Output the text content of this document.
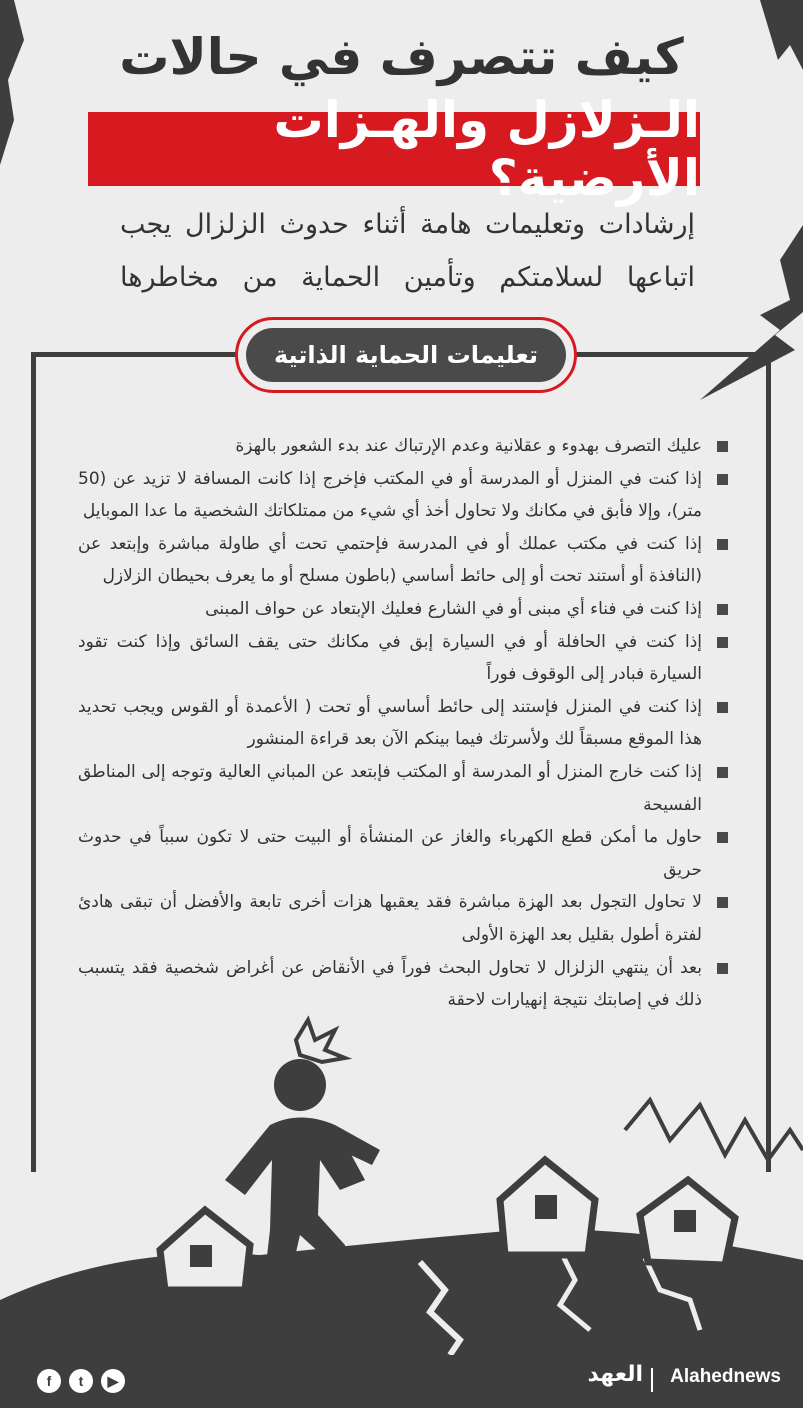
كيف تتصرف في حالات
الـزلازل والهـزات الأرضية؟
إرشادات وتعليمات هامة أثناء حدوث الزلزال يجب اتباعها لسلامتكم وتأمين الحماية من مخاطرها
تعليمات الحماية الذاتية
عليك التصرف بهدوء و عقلانية وعدم الإرتباك عند بدء الشعور بالهزة
إذا كنت في المنزل أو المدرسة أو في المكتب فإخرج إذا كانت المسافة لا تزيد عن (50 متر)، وإلا فأبق في مكانك ولا تحاول أخذ أي شيء من ممتلكاتك الشخصية ما عدا الموبايل
إذا كنت في مكتب عملك أو في المدرسة فإحتمي تحت أي طاولة مباشرة وإبتعد عن (النافذة أو أستند تحت أو إلى حائط أساسي (باطون مسلح أو ما يعرف بحيطان الزلازل
إذا كنت في فناء أي مبنى أو في الشارع فعليك الإبتعاد عن حواف المبنى
إذا كنت في الحافلة أو في السيارة إبق في مكانك حتى يقف السائق وإذا كنت تقود السيارة فبادر إلى الوقوف فوراً
إذا كنت في المنزل فإستند إلى حائط أساسي أو تحت ( الأعمدة أو القوس ويجب تحديد هذا الموقع مسبقاً لك ولأسرتك فيما بينكم الآن بعد قراءة المنشور
إذا كنت خارج المنزل أو المدرسة أو المكتب فإبتعد عن المباني العالية وتوجه إلى المناطق الفسيحة
حاول ما أمكن قطع الكهرباء والغاز عن المنشأة أو البيت حتى لا تكون سبباً في حدوث حريق
لا تحاول التجول بعد الهزة مباشرة فقد يعقبها هزات أخرى تابعة والأفضل أن تبقى هادئ لفترة أطول بقليل بعد الهزة الأولى
بعد أن ينتهي الزلزال لا تحاول البحث فوراً في الأنقاض عن أغراض شخصية فقد يتسبب ذلك في إصابتك نتيجة إنهيارات لاحقة
Alahednews
العهد
▶
t
f
